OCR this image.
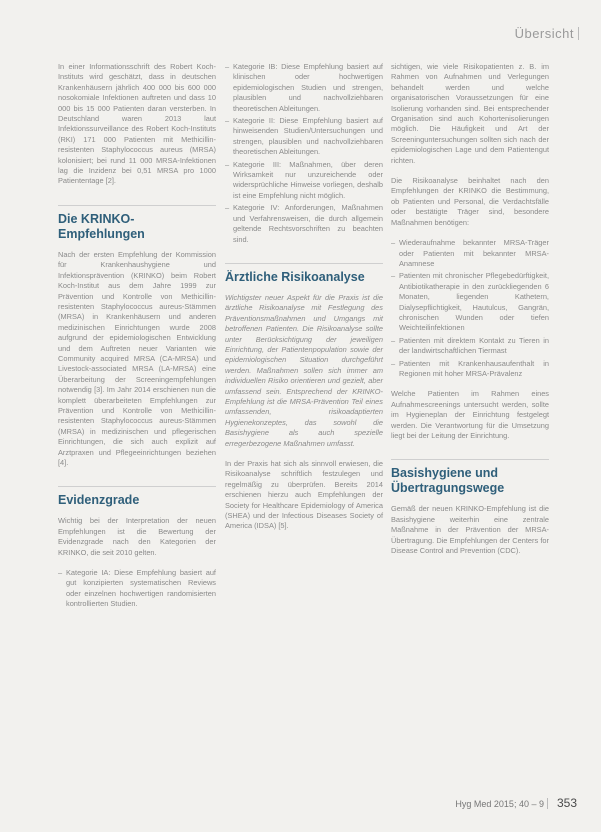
Übersicht

In einer Informationsschrift des Robert Koch-Instituts wird geschätzt, dass in deutschen Krankenhäusern jährlich 400 000 bis 600 000 nosokomiale Infektionen auftreten und dass 10 000 bis 15 000 Patienten daran versterben. In Deutschland waren 2013 laut Infektionssurveillance des Robert Koch-Instituts (RKI) 171 000 Patienten mit Methicillin-resistenten Staphylococcus aureus (MRSA) kolonisiert; bei rund 11 000 MRSA-Infektionen lag die Inzidenz bei 0,51 MRSA pro 1000 Patiententage [2].

Die KRINKO-Empfehlungen

Nach der ersten Empfehlung der Kommission für Krankenhaushygiene und Infektionsprävention (KRINKO) beim Robert Koch-Institut aus dem Jahre 1999 zur Prävention und Kontrolle von Methicillin-resistenten Staphylococcus aureus-Stämmen (MRSA) in Krankenhäusern und anderen medizinischen Einrichtungen wurde 2008 aufgrund der epidemiologischen Entwicklung und dem Auftreten neuer Varianten wie Community acquired MRSA (CA-MRSA) und Livestock-associated MRSA (LA-MRSA) eine Überarbeitung der Screeningempfehlungen notwendig [3]. Im Jahr 2014 erschienen nun die komplett überarbeiteten Empfehlungen zur Prävention und Kontrolle von Methicillin-resistenten Staphylococcus aureus-Stämmen (MRSA) in medizinischen und pflegerischen Einrichtungen, die sich auch explizit auf Arztpraxen und Pflegeeinrichtungen beziehen [4].

Evidenzgrade

Wichtig bei der Interpretation der neuen Empfehlungen ist die Bewertung der Evidenzgrade nach den Kategorien der KRINKO, die seit 2010 gelten.

– Kategorie IA: Diese Empfehlung basiert auf gut konzipierten systematischen Reviews oder einzelnen hochwertigen randomisierten kontrollierten Studien.
– Kategorie IB: Diese Empfehlung basiert auf klinischen oder hochwertigen epidemiologischen Studien und strengen, plausiblen und nachvollziehbaren theoretischen Ableitungen.
– Kategorie II: Diese Empfehlung basiert auf hinweisenden Studien/Untersuchungen und strengen, plausiblen und nachvollziehbaren theoretischen Ableitungen.
– Kategorie III: Maßnahmen, über deren Wirksamkeit nur unzureichende oder widersprüchliche Hinweise vorliegen, deshalb ist eine Empfehlung nicht möglich.
– Kategorie IV: Anforderungen, Maßnahmen und Verfahrensweisen, die durch allgemein geltende Rechtsvorschriften zu beachten sind.
Ärztliche Risikoanalyse

Wichtigster neuer Aspekt für die Praxis ist die ärztliche Risikoanalyse mit Festlegung des Präventionsmaßnahmen und Umgangs mit betroffenen Patienten. Die Risikoanalyse sollte unter Berücksichtigung der jeweiligen Einrichtung, der Patientenpopulation sowie der epidemiologischen Situation durchgeführt werden. Maßnahmen sollen sich immer am individuellen Risiko orientieren und gezielt, aber umfassend sein. Entsprechend der KRINKO-Empfehlung ist die MRSA-Prävention Teil eines umfassenden, risikoadaptierten Hygienekonzeptes, das sowohl die Basishygiene als auch spezielle erregerbezogene Maßnahmen umfasst.

In der Praxis hat sich als sinnvoll erwiesen, die Risikoanalyse schriftlich festzulegen und regelmäßig zu überprüfen. Bereits 2014 erschienen hierzu auch Empfehlungen der Society for Healthcare Epidemiology of America (SHEA) und der Infectious Diseases Society of America (IDSA) [5].

sichtigen, wie viele Risikopatienten z. B. im Rahmen von Aufnahmen und Verlegungen behandelt werden und welche organisatorischen Voraussetzungen für eine Isolierung vorhanden sind. Bei entsprechender Organisation sind auch Kohortenisolierungen möglich. Die Häufigkeit und Art der Screeninguntersuchungen sollten sich nach der epidemiologischen Lage und dem Patientengut richten.

Die Risikoanalyse beinhaltet nach den Empfehlungen der KRINKO die Bestimmung, ob Patienten und Personal, die Verdachtsfälle oder bestätigte Träger sind, besondere Maßnahmen benötigen:

– Wiederaufnahme bekannter MRSA-Träger oder Patienten mit bekannter MRSA-Anamnese
– Patienten mit chronischer Pflegebedürftigkeit, Antibiotikatherapie in den zurückliegenden 6 Monaten, liegenden Kathetern, Dialysepflichtigkeit, Hautulcus, Gangrän, chronischen Wunden oder tiefen Weichteilinfektionen
– Patienten mit direktem Kontakt zu Tieren in der landwirtschaftlichen Tiermast
– Patienten mit Krankenhausaufenthalt in Regionen mit hoher MRSA-Prävalenz

Welche Patienten im Rahmen eines Aufnahmescreenings untersucht werden, sollte im Hygieneplan der Einrichtung festgelegt werden. Die Verantwortung für die Umsetzung liegt bei der Leitung der Einrichtung.

Basishygiene und Übertragungswege

Gemäß der neuen KRINKO-Empfehlung ist die Basishygiene weiterhin eine zentrale Maßnahme in der Prävention der MRSA-Übertragung. Die Empfehlungen der Centers for Disease Control and Prevention (CDC).

Hyg Med 2015; 40 – 9 353
